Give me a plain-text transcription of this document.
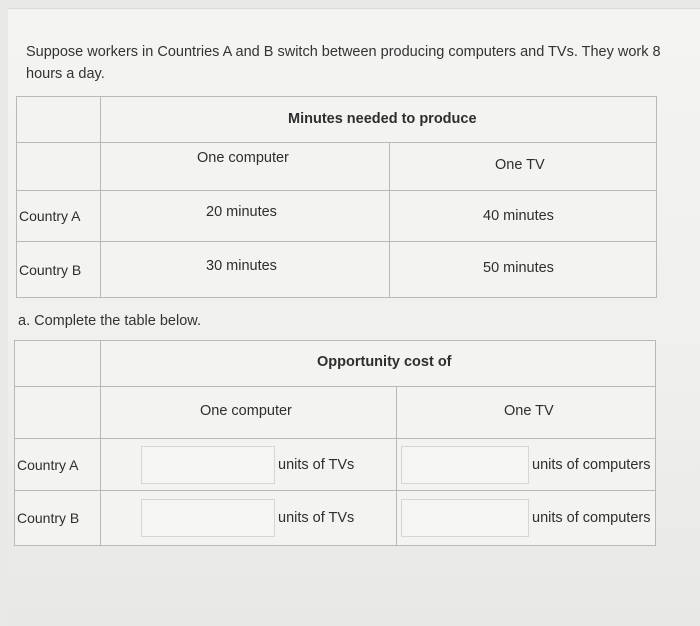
Suppose workers in Countries A and B switch between producing computers and TVs. They work 8 hours a day.

	Minutes needed to produce	

	One computer	One TV

Country A	20 minutes	40 minutes

Country B	30 minutes	50 minutes
a. Complete the table below.

	Opportunity cost of	

	One computer	One TV

Country A	units of TVs	units of computers

Country B	units of TVs	units of computers
